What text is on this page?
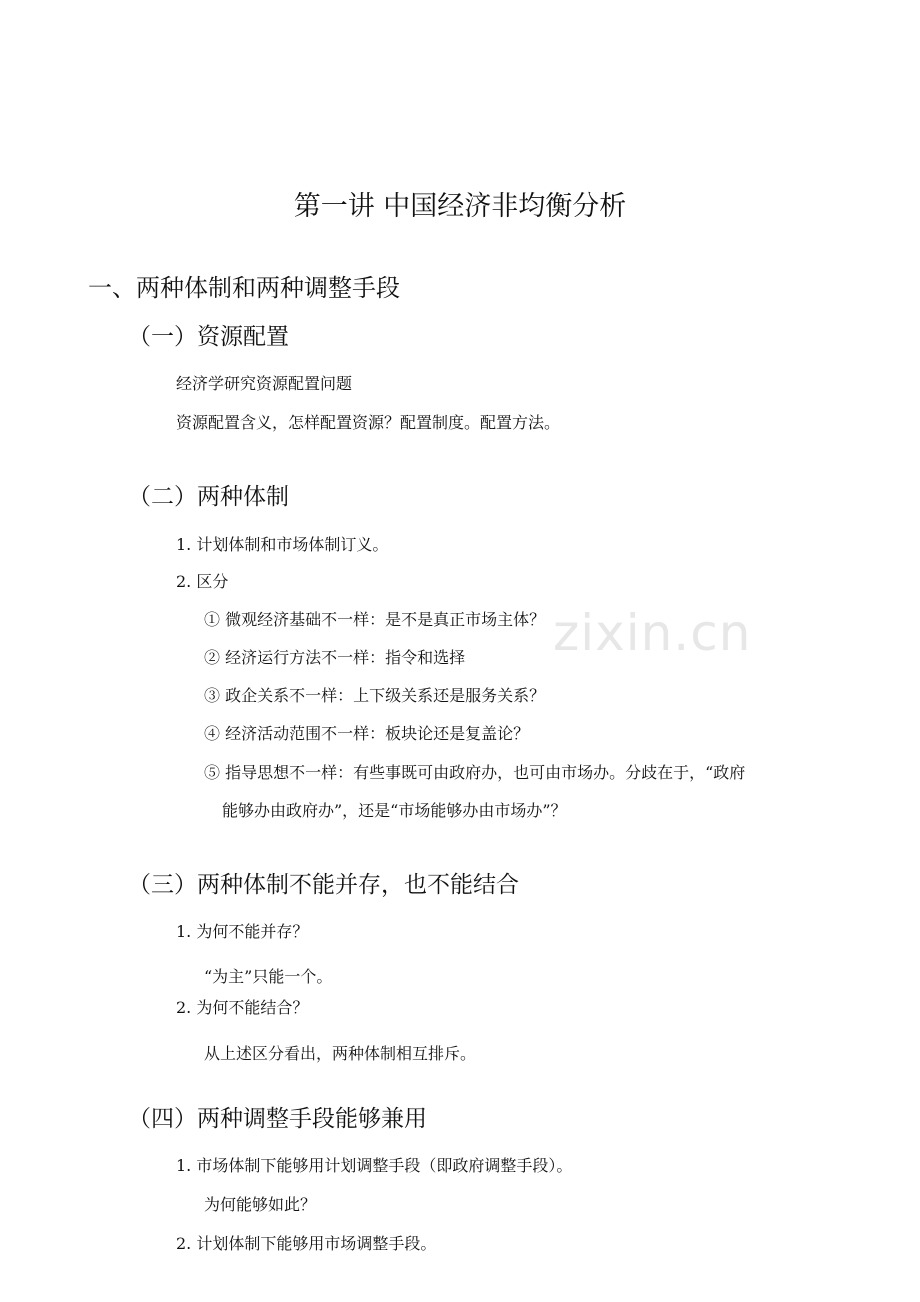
zixin.cn
第一讲 中国经济非均衡分析
一、两种体制和两种调整手段
（一）资源配置
经济学研究资源配置问题
资源配置含义，怎样配置资源？配置制度。配置方法。
（二）两种体制
1. 计划体制和市场体制订义。
2. 区分
① 微观经济基础不一样：是不是真正市场主体？
② 经济运行方法不一样：指令和选择
③ 政企关系不一样：上下级关系还是服务关系？
④ 经济活动范围不一样：板块论还是复盖论？
⑤ 指导思想不一样：有些事既可由政府办，也可由市场办。分歧在于，“政府
能够办由政府办”，还是“市场能够办由市场办”？
（三）两种体制不能并存，也不能结合
1. 为何不能并存？
“为主”只能一个。
2. 为何不能结合？
从上述区分看出，两种体制相互排斥。
（四）两种调整手段能够兼用
1. 市场体制下能够用计划调整手段（即政府调整手段）。
为何能够如此？
2. 计划体制下能够用市场调整手段。
